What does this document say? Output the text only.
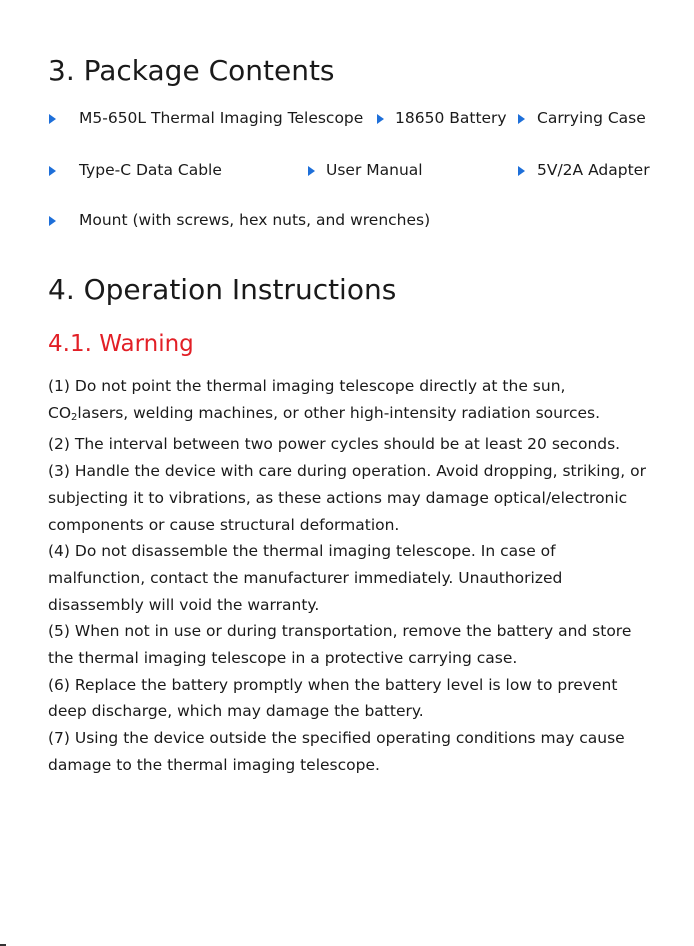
3. Package Contents
M5-650L Thermal Imaging Telescope 18650 Battery Carrying Case
Type-C Data Cable	User Manual	5V/2A Adapter
Mount (with screws, hex nuts, and wrenches)
4. Operation Instructions
4.1. Warning

(1) Do not point the thermal imaging telescope directly at the sun, $CO_2lasers$, welding machines, or other high-intensity radiation sources.

(2) The interval between two power cycles should be at least 20 seconds.

(3) Handle the device with care during operation. Avoid dropping, striking, or subjecting it to vibrations, as these actions may damage optical/electronic components or cause structural deformation.

(4) Do not disassemble the thermal imaging telescope. In case of malfunction, contact the manufacturer immediately. Unauthorized disassembly will void the warranty.

(5) When not in use or during transportation, remove the battery and store the thermal imaging telescope in a protective carrying case.

(6) Replace the battery promptly when the battery level is low to prevent deep discharge, which may damage the battery.

(7) Using the device outside the specified operating conditions may cause damage to the thermal imaging telescope.
